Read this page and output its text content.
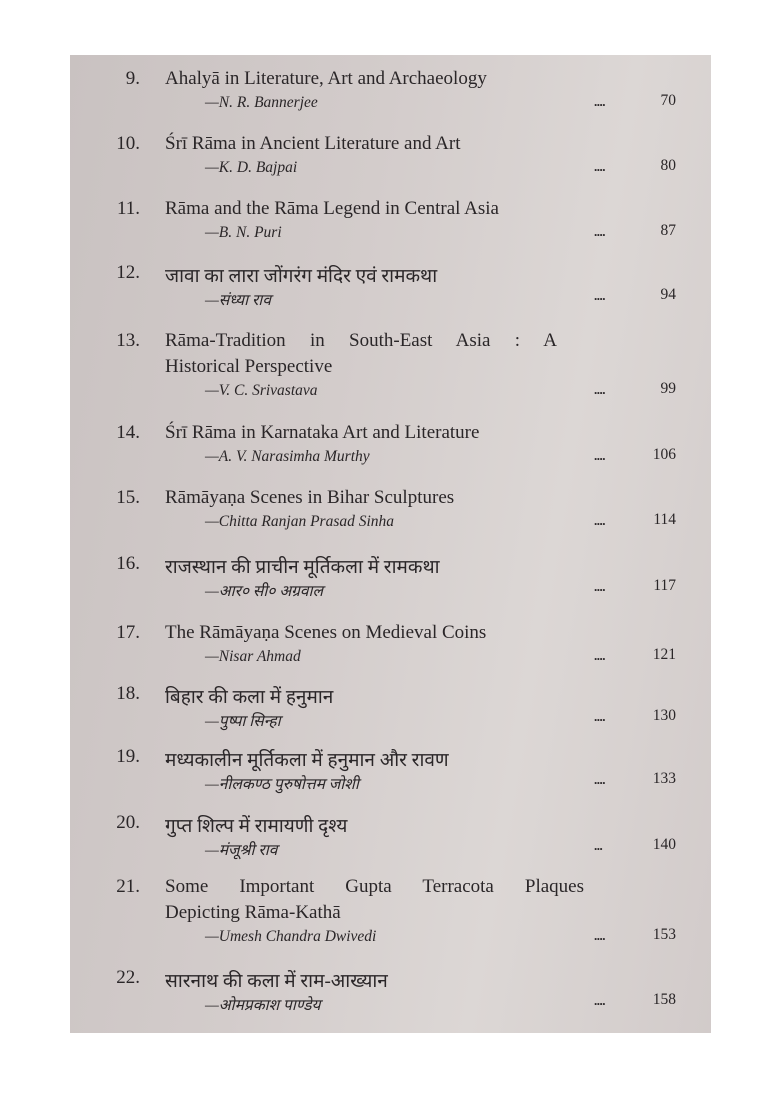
9. Ahalyā in Literature, Art and Archaeology
—N. R. Bannerjee	....	70
10. Śrī Rāma in Ancient Literature and Art
—K. D. Bajpai	....	80
11. Rāma and the Rāma Legend in Central Asia
—B. N. Puri	....	87
12. जावा का लारा जोंगरंग मंदिर एवं रामकथा
—संध्या राव	....	94
13. Rāma-Tradition in South-East Asia : A
Historical Perspective
—V. C. Srivastava	....	99
14. Śrī Rāma in Karnataka Art and Literature
—A. V. Narasimha Murthy	....	106
15. Rāmāyaṇa Scenes in Bihar Sculptures
—Chitta Ranjan Prasad Sinha	....	114
16. राजस्थान की प्राचीन मूर्तिकला में रामकथा
—आर० सी० अग्रवाल	....	117
17. The Rāmāyaṇa Scenes on Medieval Coins
—Nisar Ahmad	....	121
18. बिहार की कला में हनुमान
—पुष्पा सिन्हा	....	130
19. मध्यकालीन मूर्तिकला में हनुमान और रावण
—नीलकण्ठ पुरुषोत्तम जोशी	....	133
20. गुप्त शिल्प में रामायणी दृश्य
—मंजूश्री राव	...	140
21. Some Important Gupta Terracota Plaques
Depicting Rāma-Kathā
—Umesh Chandra Dwivedi	....	153
22. सारनाथ की कला में राम-आख्यान
—ओमप्रकाश पाण्डेय	....	158
